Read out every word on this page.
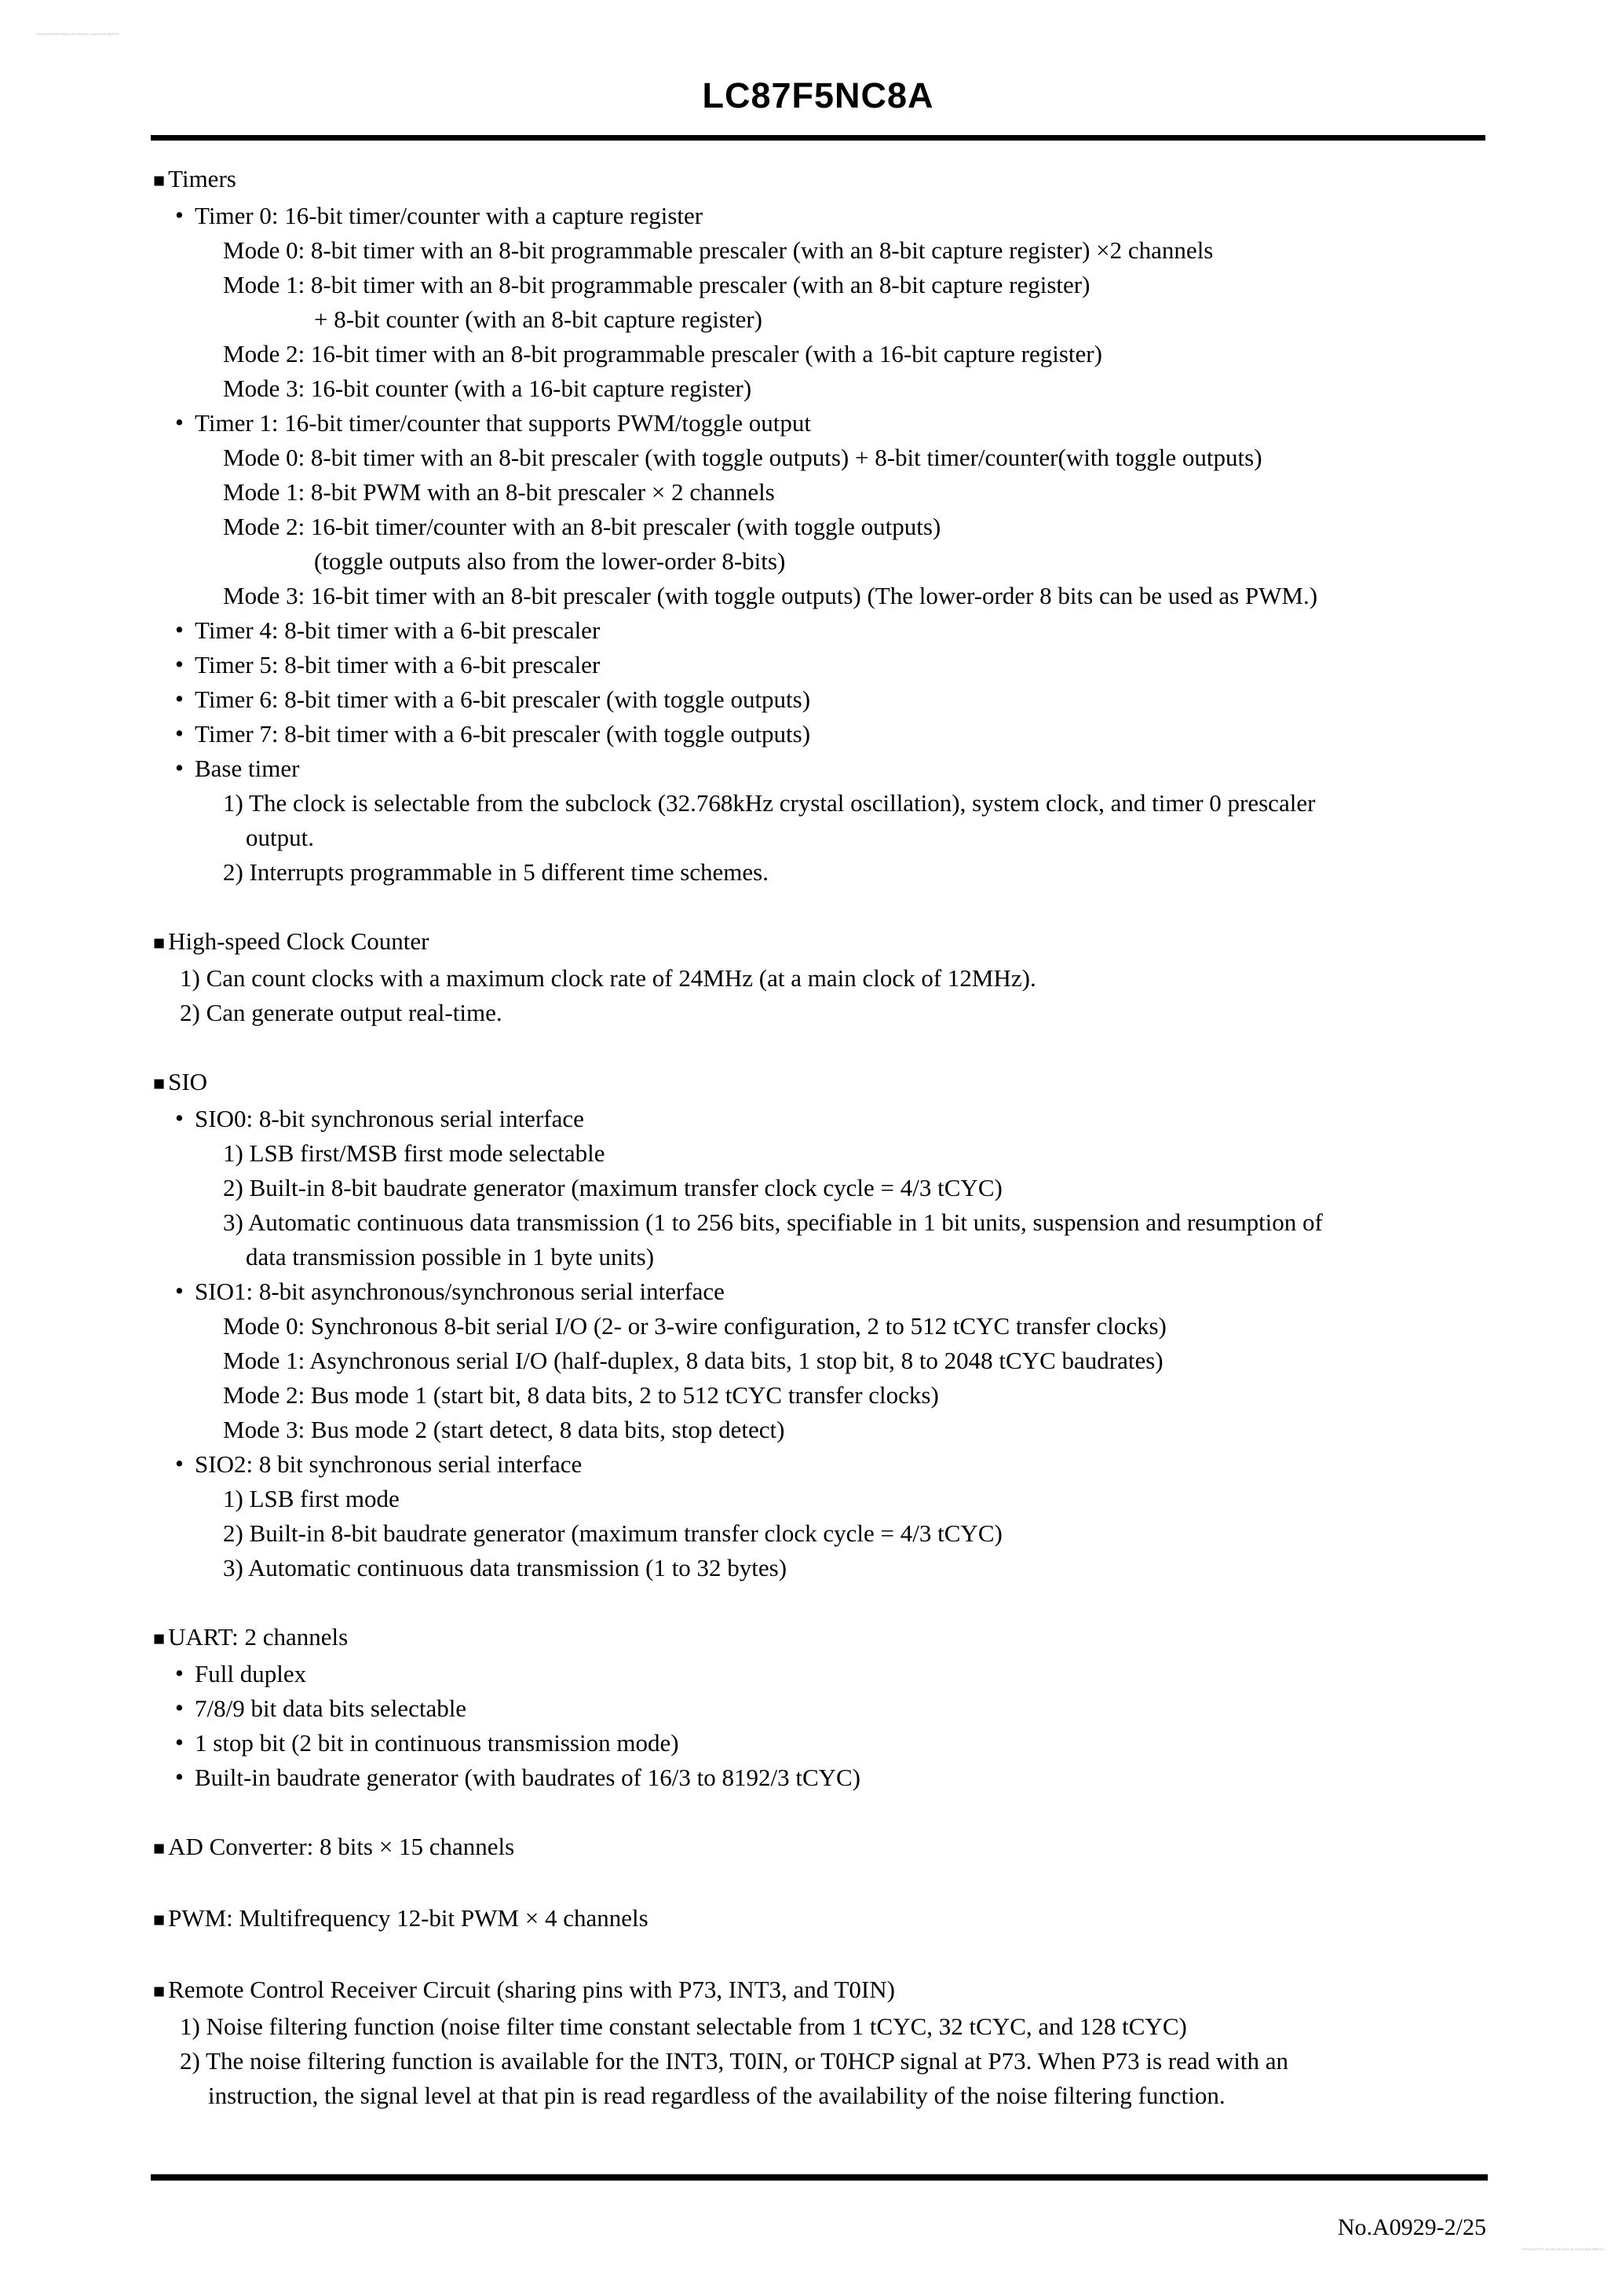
Downloaded from Elcodis.com electronic components distributor
LC87F5NC8A
■ Timers
• Timer 0: 16-bit timer/counter with a capture register
Mode 0: 8-bit timer with an 8-bit programmable prescaler (with an 8-bit capture register) ×2 channels
Mode 1: 8-bit timer with an 8-bit programmable prescaler (with an 8-bit capture register)
+ 8-bit counter (with an 8-bit capture register)
Mode 2: 16-bit timer with an 8-bit programmable prescaler (with a 16-bit capture register)
Mode 3: 16-bit counter (with a 16-bit capture register)
• Timer 1: 16-bit timer/counter that supports PWM/toggle output
Mode 0: 8-bit timer with an 8-bit prescaler (with toggle outputs) + 8-bit timer/counter(with toggle outputs)
Mode 1: 8-bit PWM with an 8-bit prescaler × 2 channels
Mode 2: 16-bit timer/counter with an 8-bit prescaler (with toggle outputs)
(toggle outputs also from the lower-order 8-bits)
Mode 3: 16-bit timer with an 8-bit prescaler (with toggle outputs) (The lower-order 8 bits can be used as PWM.)
• Timer 4: 8-bit timer with a 6-bit prescaler
• Timer 5: 8-bit timer with a 6-bit prescaler
• Timer 6: 8-bit timer with a 6-bit prescaler (with toggle outputs)
• Timer 7: 8-bit timer with a 6-bit prescaler (with toggle outputs)
• Base timer
1) The clock is selectable from the subclock (32.768kHz crystal oscillation), system clock, and timer 0 prescaler
output.
2) Interrupts programmable in 5 different time schemes.
■ High-speed Clock Counter
1) Can count clocks with a maximum clock rate of 24MHz (at a main clock of 12MHz).
2) Can generate output real-time.
■ SIO
• SIO0: 8-bit synchronous serial interface
1) LSB first/MSB first mode selectable
2) Built-in 8-bit baudrate generator (maximum transfer clock cycle = 4/3 tCYC)
3) Automatic continuous data transmission (1 to 256 bits, specifiable in 1 bit units, suspension and resumption of
data transmission possible in 1 byte units)
• SIO1: 8-bit asynchronous/synchronous serial interface
Mode 0: Synchronous 8-bit serial I/O (2- or 3-wire configuration, 2 to 512 tCYC transfer clocks)
Mode 1: Asynchronous serial I/O (half-duplex, 8 data bits, 1 stop bit, 8 to 2048 tCYC baudrates)
Mode 2: Bus mode 1 (start bit, 8 data bits, 2 to 512 tCYC transfer clocks)
Mode 3: Bus mode 2 (start detect, 8 data bits, stop detect)
• SIO2: 8 bit synchronous serial interface
1) LSB first mode
2) Built-in 8-bit baudrate generator (maximum transfer clock cycle = 4/3 tCYC)
3) Automatic continuous data transmission (1 to 32 bytes)
■ UART: 2 channels
• Full duplex
• 7/8/9 bit data bits selectable
• 1 stop bit (2 bit in continuous transmission mode)
• Built-in baudrate generator (with baudrates of 16/3 to 8192/3 tCYC)
■ AD Converter: 8 bits × 15 channels
■ PWM: Multifrequency 12-bit PWM × 4 channels
■ Remote Control Receiver Circuit (sharing pins with P73, INT3, and T0IN)
1) Noise filtering function (noise filter time constant selectable from 1 tCYC, 32 tCYC, and 128 tCYC)
2) The noise filtering function is available for the INT3, T0IN, or T0HCP signal at P73. When P73 is read with an
instruction, the signal level at that pin is read regardless of the availability of the noise filtering function.
No.A0929-2/25
Downloaded from Elcodis.com electronic components distributor
